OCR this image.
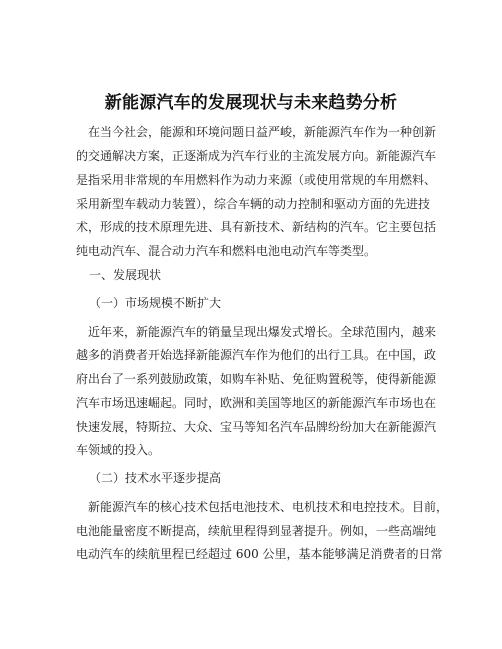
新能源汽车的发展现状与未来趋势分析
在当今社会，能源和环境问题日益严峻，新能源汽车作为一种创新
的交通解决方案，正逐渐成为汽车行业的主流发展方向。新能源汽车
是指采用非常规的车用燃料作为动力来源（或使用常规的车用燃料、
采用新型车载动力装置），综合车辆的动力控制和驱动方面的先进技
术，形成的技术原理先进、具有新技术、新结构的汽车。它主要包括
纯电动汽车、混合动力汽车和燃料电池电动汽车等类型。
一、发展现状
（一）市场规模不断扩大
近年来，新能源汽车的销量呈现出爆发式增长。全球范围内，越来
越多的消费者开始选择新能源汽车作为他们的出行工具。在中国，政
府出台了一系列鼓励政策，如购车补贴、免征购置税等，使得新能源
汽车市场迅速崛起。同时，欧洲和美国等地区的新能源汽车市场也在
快速发展，特斯拉、大众、宝马等知名汽车品牌纷纷加大在新能源汽
车领域的投入。
（二）技术水平逐步提高
新能源汽车的核心技术包括电池技术、电机技术和电控技术。目前，
电池能量密度不断提高，续航里程得到显著提升。例如，一些高端纯
电动汽车的续航里程已经超过 600 公里，基本能够满足消费者的日常
